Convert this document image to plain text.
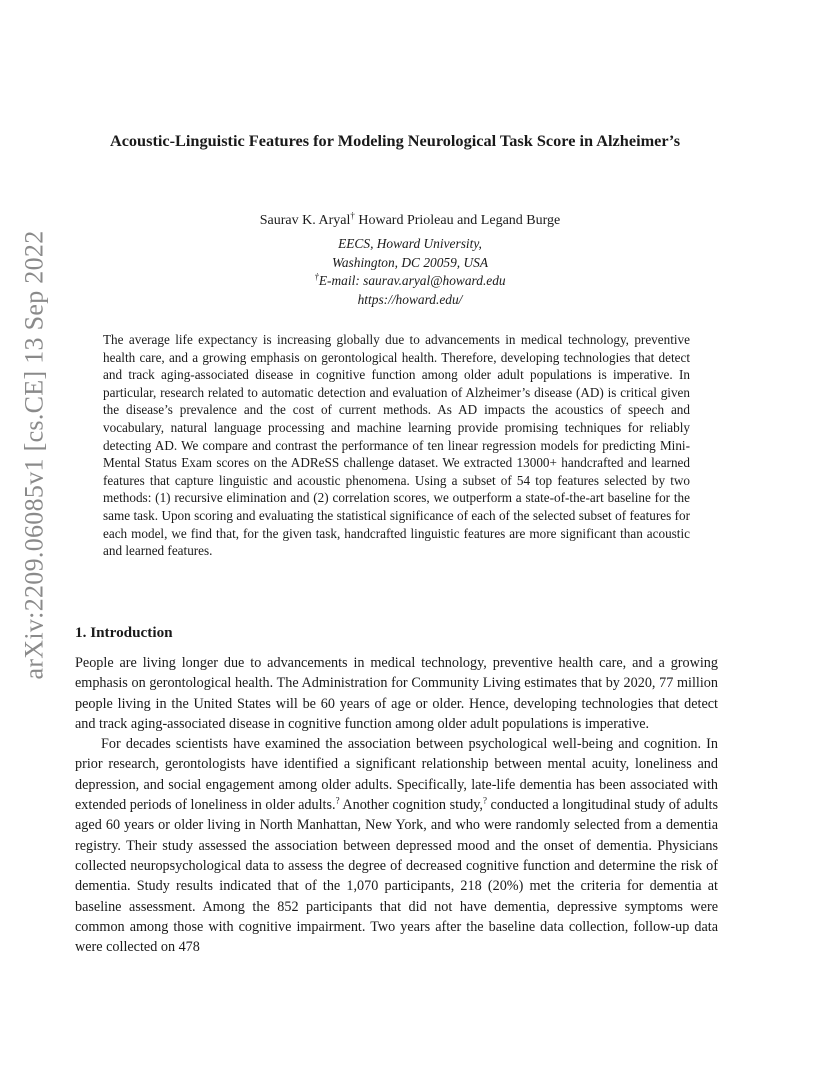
arXiv:2209.06085v1 [cs.CE] 13 Sep 2022
Acoustic-Linguistic Features for Modeling Neurological Task Score in Alzheimer’s
Saurav K. Aryal† Howard Prioleau and Legand Burge
EECS, Howard University,
Washington, DC 20059, USA
†E-mail: saurav.aryal@howard.edu
https://howard.edu/
The average life expectancy is increasing globally due to advancements in medical technology, preventive health care, and a growing emphasis on gerontological health. Therefore, developing technologies that detect and track aging-associated disease in cognitive function among older adult populations is imperative. In particular, research related to automatic detection and evaluation of Alzheimer’s disease (AD) is critical given the disease’s prevalence and the cost of current methods. As AD impacts the acoustics of speech and vocabulary, natural language processing and machine learning provide promising techniques for reliably detecting AD. We compare and contrast the performance of ten linear regression models for predicting Mini-Mental Status Exam scores on the ADReSS challenge dataset. We extracted 13000+ handcrafted and learned features that capture linguistic and acoustic phenomena. Using a subset of 54 top features selected by two methods: (1) recursive elimination and (2) correlation scores, we outperform a state-of-the-art baseline for the same task. Upon scoring and evaluating the statistical significance of each of the selected subset of features for each model, we find that, for the given task, handcrafted linguistic features are more significant than acoustic and learned features.
1. Introduction

People are living longer due to advancements in medical technology, preventive health care, and a growing emphasis on gerontological health. The Administration for Community Living estimates that by 2020, 77 million people living in the United States will be 60 years of age or older. Hence, developing technologies that detect and track aging-associated disease in cognitive function among older adult populations is imperative.

For decades scientists have examined the association between psychological well-being and cognition. In prior research, gerontologists have identified a significant relationship between mental acuity, loneliness and depression, and social engagement among older adults. Specifically, late-life dementia has been associated with extended periods of loneliness in older adults.? Another cognition study,? conducted a longitudinal study of adults aged 60 years or older living in North Manhattan, New York, and who were randomly selected from a dementia registry. Their study assessed the association between depressed mood and the onset of dementia. Physicians collected neuropsychological data to assess the degree of decreased cognitive function and determine the risk of dementia. Study results indicated that of the 1,070 participants, 218 (20%) met the criteria for dementia at baseline assessment. Among the 852 participants that did not have dementia, depressive symptoms were common among those with cognitive impairment. Two years after the baseline data collection, follow-up data were collected on 478
